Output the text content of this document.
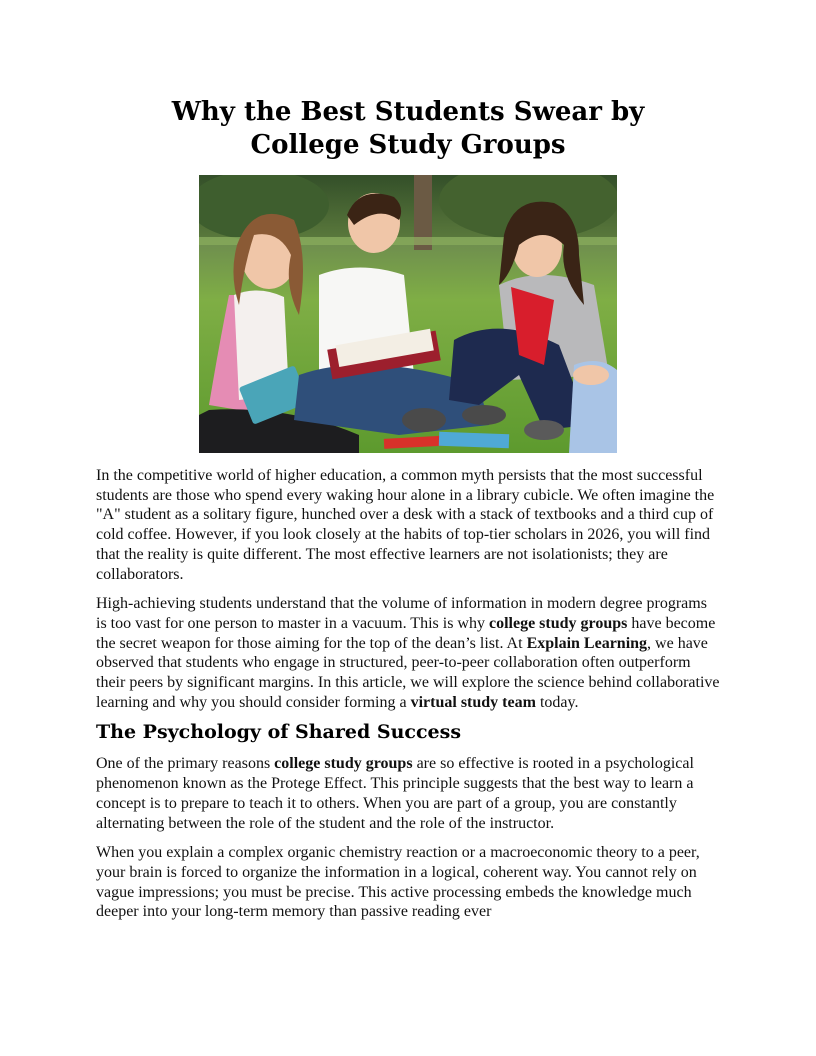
Why the Best Students Swear by College Study Groups

In the competitive world of higher education, a common myth persists that the most successful students are those who spend every waking hour alone in a library cubicle. We often imagine the "A" student as a solitary figure, hunched over a desk with a stack of textbooks and a third cup of cold coffee. However, if you look closely at the habits of top-tier scholars in 2026, you will find that the reality is quite different. The most effective learners are not isolationists; they are collaborators.

High-achieving students understand that the volume of information in modern degree programs is too vast for one person to master in a vacuum. This is why college study groups have become the secret weapon for those aiming for the top of the dean’s list. At Explain Learning, we have observed that students who engage in structured, peer-to-peer collaboration often outperform their peers by significant margins. In this article, we will explore the science behind collaborative learning and why you should consider forming a virtual study team today.

The Psychology of Shared Success

One of the primary reasons college study groups are so effective is rooted in a psychological phenomenon known as the Protege Effect. This principle suggests that the best way to learn a concept is to prepare to teach it to others. When you are part of a group, you are constantly alternating between the role of the student and the role of the instructor.

When you explain a complex organic chemistry reaction or a macroeconomic theory to a peer, your brain is forced to organize the information in a logical, coherent way. You cannot rely on vague impressions; you must be precise. This active processing embeds the knowledge much deeper into your long-term memory than passive reading ever
